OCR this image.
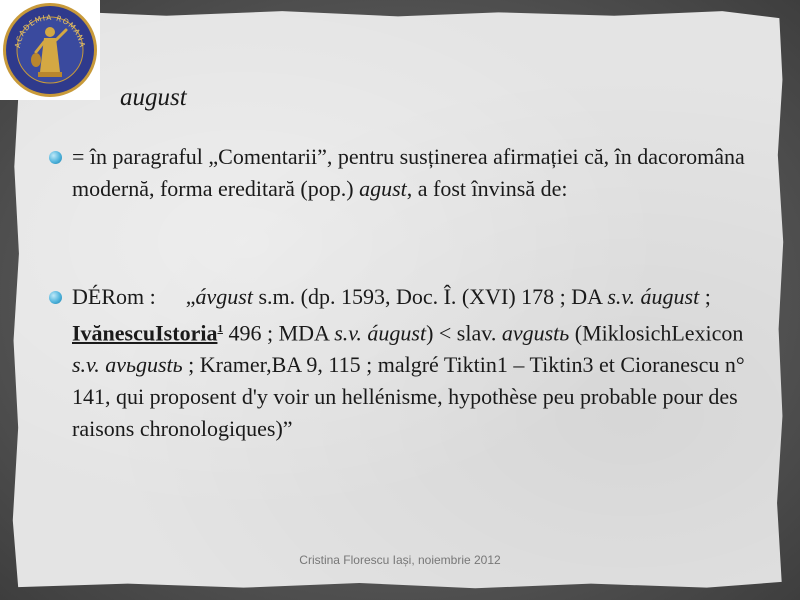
ACADEMIA ROMANA
august
= în paragraful „Comentarii”, pentru susținerea afirmației că, în dacoromâna modernă, forma ereditară (pop.) agust, a fost învinsă de:
DÉRom : „ávgust s.m. (dp. 1593, Doc. Î. (XVI) 178 ; DA s.v. áugust ; IvănescuIstoria$^1$ 496 ; MDA s.v. áugust) < slav. avgustь (MiklosichLexicon s.v. avьgustь ; Kramer,BA 9, 115 ; malgré Tiktin1 – Tiktin3 et Cioranescu n° 141, qui proposent d'y voir un hellénisme, hypothèse peu probable pour des raisons chronologiques)”
Cristina Florescu Iași, noiembrie 2012
